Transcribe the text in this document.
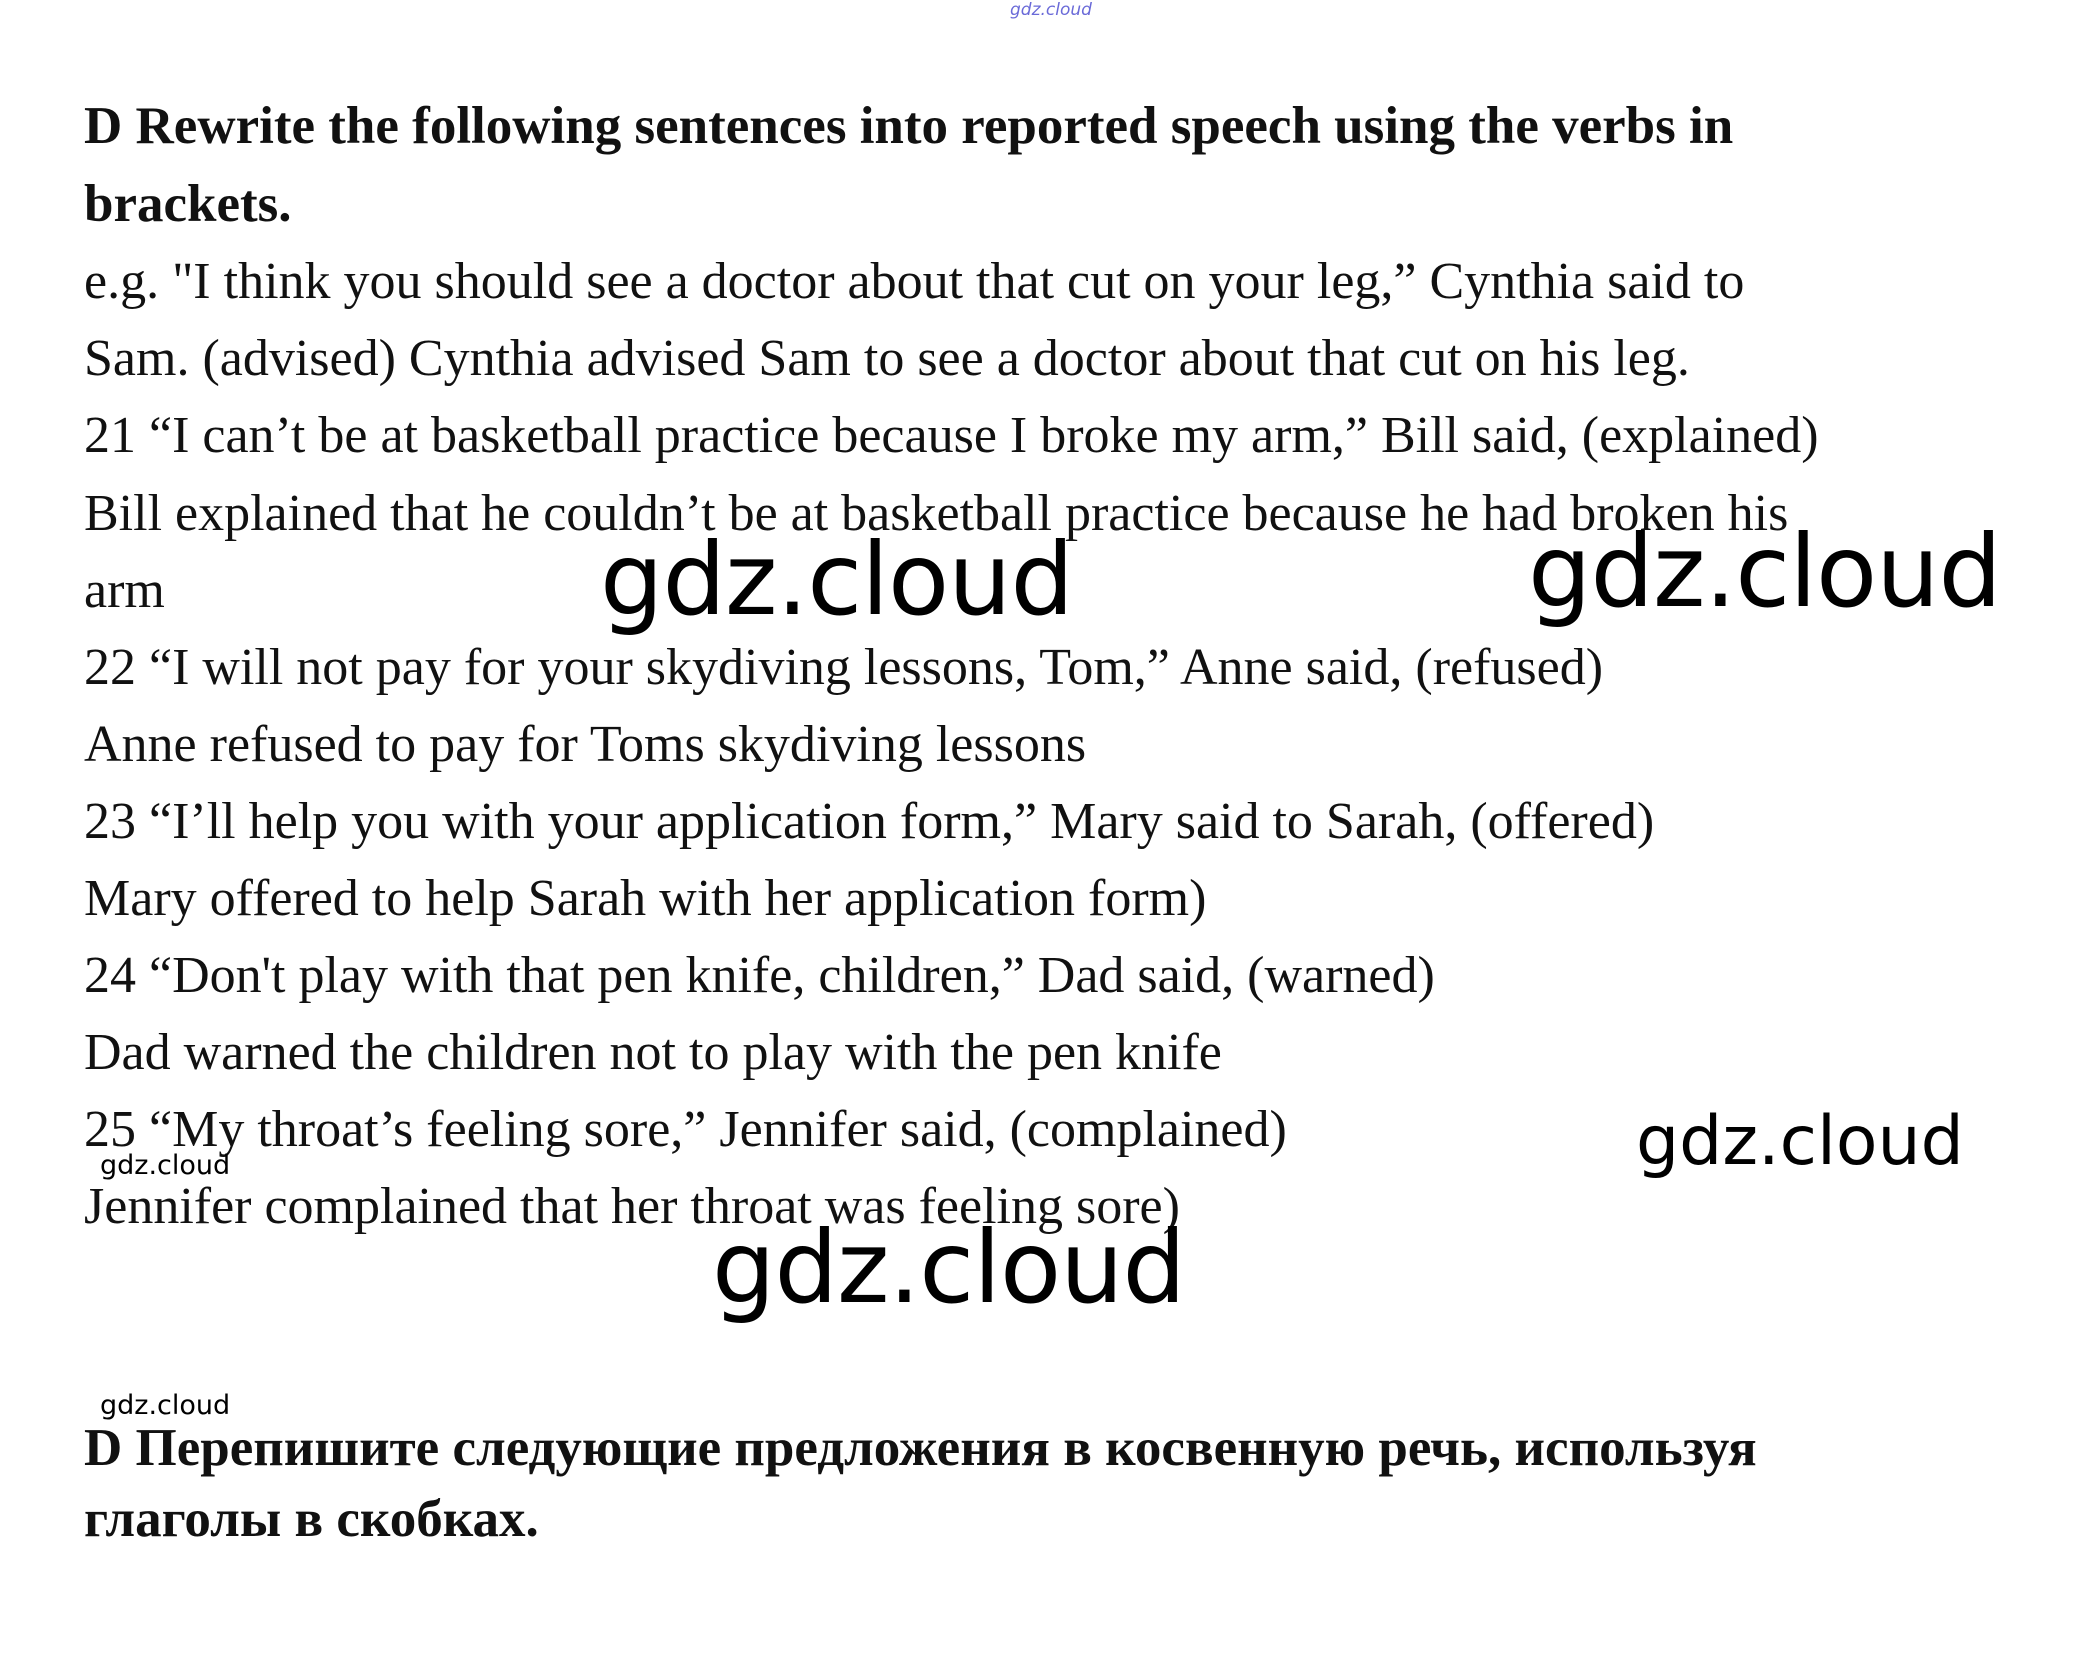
gdz.cloud
D Rewrite the following sentences into reported speech using the verbs in
brackets.
e.g. "I think you should see a doctor about that cut on your leg,” Cynthia said to
Sam. (advised) Cynthia advised Sam to see a doctor about that cut on his leg.
21 “I can’t be at basketball practice because I broke my arm,” Bill said, (explained)
Bill explained that he couldn’t be at basketball practice because he had broken his
arm
22 “I will not pay for your skydiving lessons, Tom,” Anne said, (refused)
Anne refused to pay for Toms skydiving lessons
23 “I’ll help you with your application form,” Mary said to Sarah, (offered)
Mary offered to help Sarah with her application form)
24 “Don't play with that pen knife, children,” Dad said, (warned)
Dad warned the children not to play with the pen knife
25 “My throat’s feeling sore,” Jennifer said, (complained)
Jennifer complained that her throat was feeling sore)
D Перепишите следующие предложения в косвенную речь, используя
глаголы в скобках.
gdz.cloud	gdz.cloud
gdz.cloud
gdz.cloud
gdz.cloud
gdz.cloud
